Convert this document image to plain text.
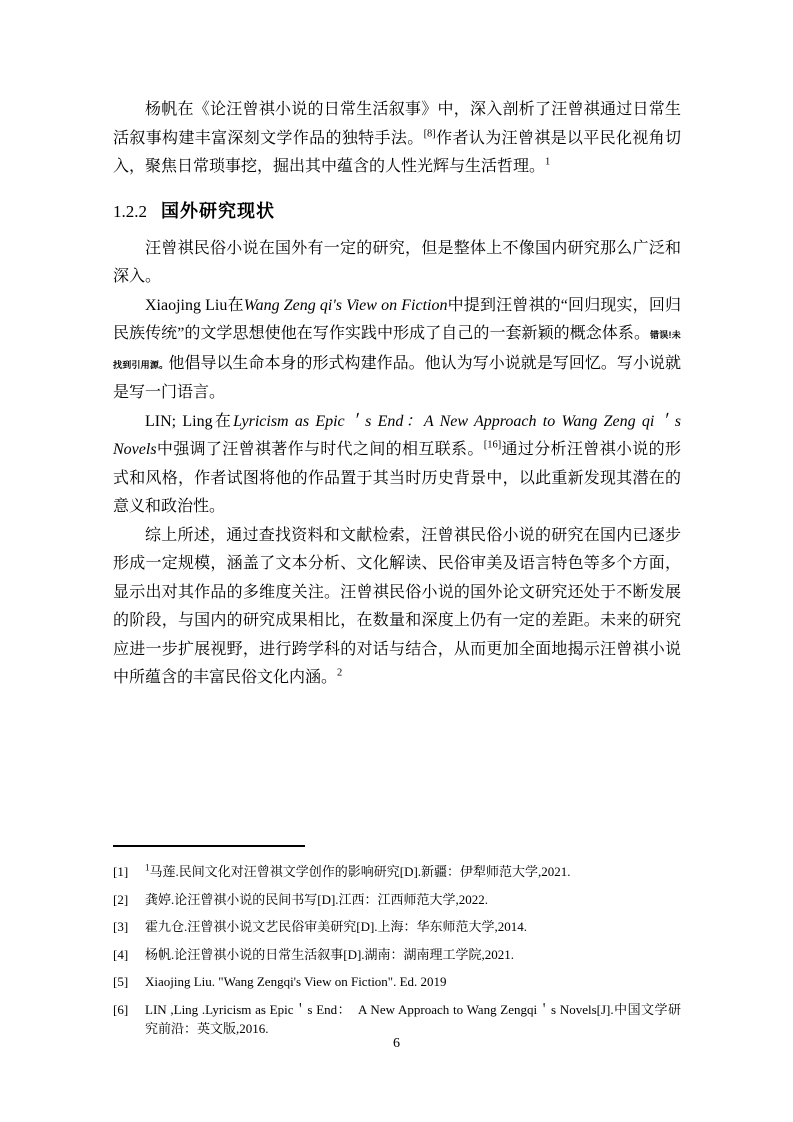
杨帆在《论汪曾祺小说的日常生活叙事》中，深入剖析了汪曾祺通过日常生活叙事构建丰富深刻文学作品的独特手法。[8]作者认为汪曾祺是以平民化视角切入，聚焦日常琐事挖，掘出其中蕴含的人性光辉与生活哲理。$^1$

1.2.2 国外研究现状

汪曾祺民俗小说在国外有一定的研究，但是整体上不像国内研究那么广泛和深入。

Xiaojing Liu在Wang Zeng qi's View on Fiction中提到汪曾祺的“回归现实，回归民族传统”的文学思想使他在写作实践中形成了自己的一套新颖的概念体系。错误!未找到引用源。他倡导以生命本身的形式构建作品。他认为写小说就是写回忆。写小说就是写一门语言。

LIN; Ling在Lyricism as Epic＇s End：A New Approach to Wang Zeng qi＇s Novels中强调了汪曾祺著作与时代之间的相互联系。[16]通过分析汪曾祺小说的形式和风格，作者试图将他的作品置于其当时历史背景中，以此重新发现其潜在的意义和政治性。

综上所述，通过查找资料和文献检索，汪曾祺民俗小说的研究在国内已逐步形成一定规模，涵盖了文本分析、文化解读、民俗审美及语言特色等多个方面，显示出对其作品的多维度关注。汪曾祺民俗小说的国外论文研究还处于不断发展的阶段，与国内的研究成果相比，在数量和深度上仍有一定的差距。未来的研究应进一步扩展视野，进行跨学科的对话与结合，从而更加全面地揭示汪曾祺小说中所蕴含的丰富民俗文化内涵。$^2$

[1]	$^1$马莲.民间文化对汪曾祺文学创作的影响研究[D].新疆：伊犁师范大学,2021.
[2]	龚婷.论汪曾祺小说的民间书写[D].江西：江西师范大学,2022.
[3]	霍九仓.汪曾祺小说文艺民俗审美研究[D].上海：华东师范大学,2014.
[4]	杨帆.论汪曾祺小说的日常生活叙事[D].湖南：湖南理工学院,2021.
[5]	Xiaojing Liu. "Wang Zengqi's View on Fiction". Ed. 2019
[6]	LIN ,Ling .Lyricism as Epic＇s End：　A New Approach to Wang Zengqi＇s Novels[J].中国文学研究前沿：英文版,2016.
6
